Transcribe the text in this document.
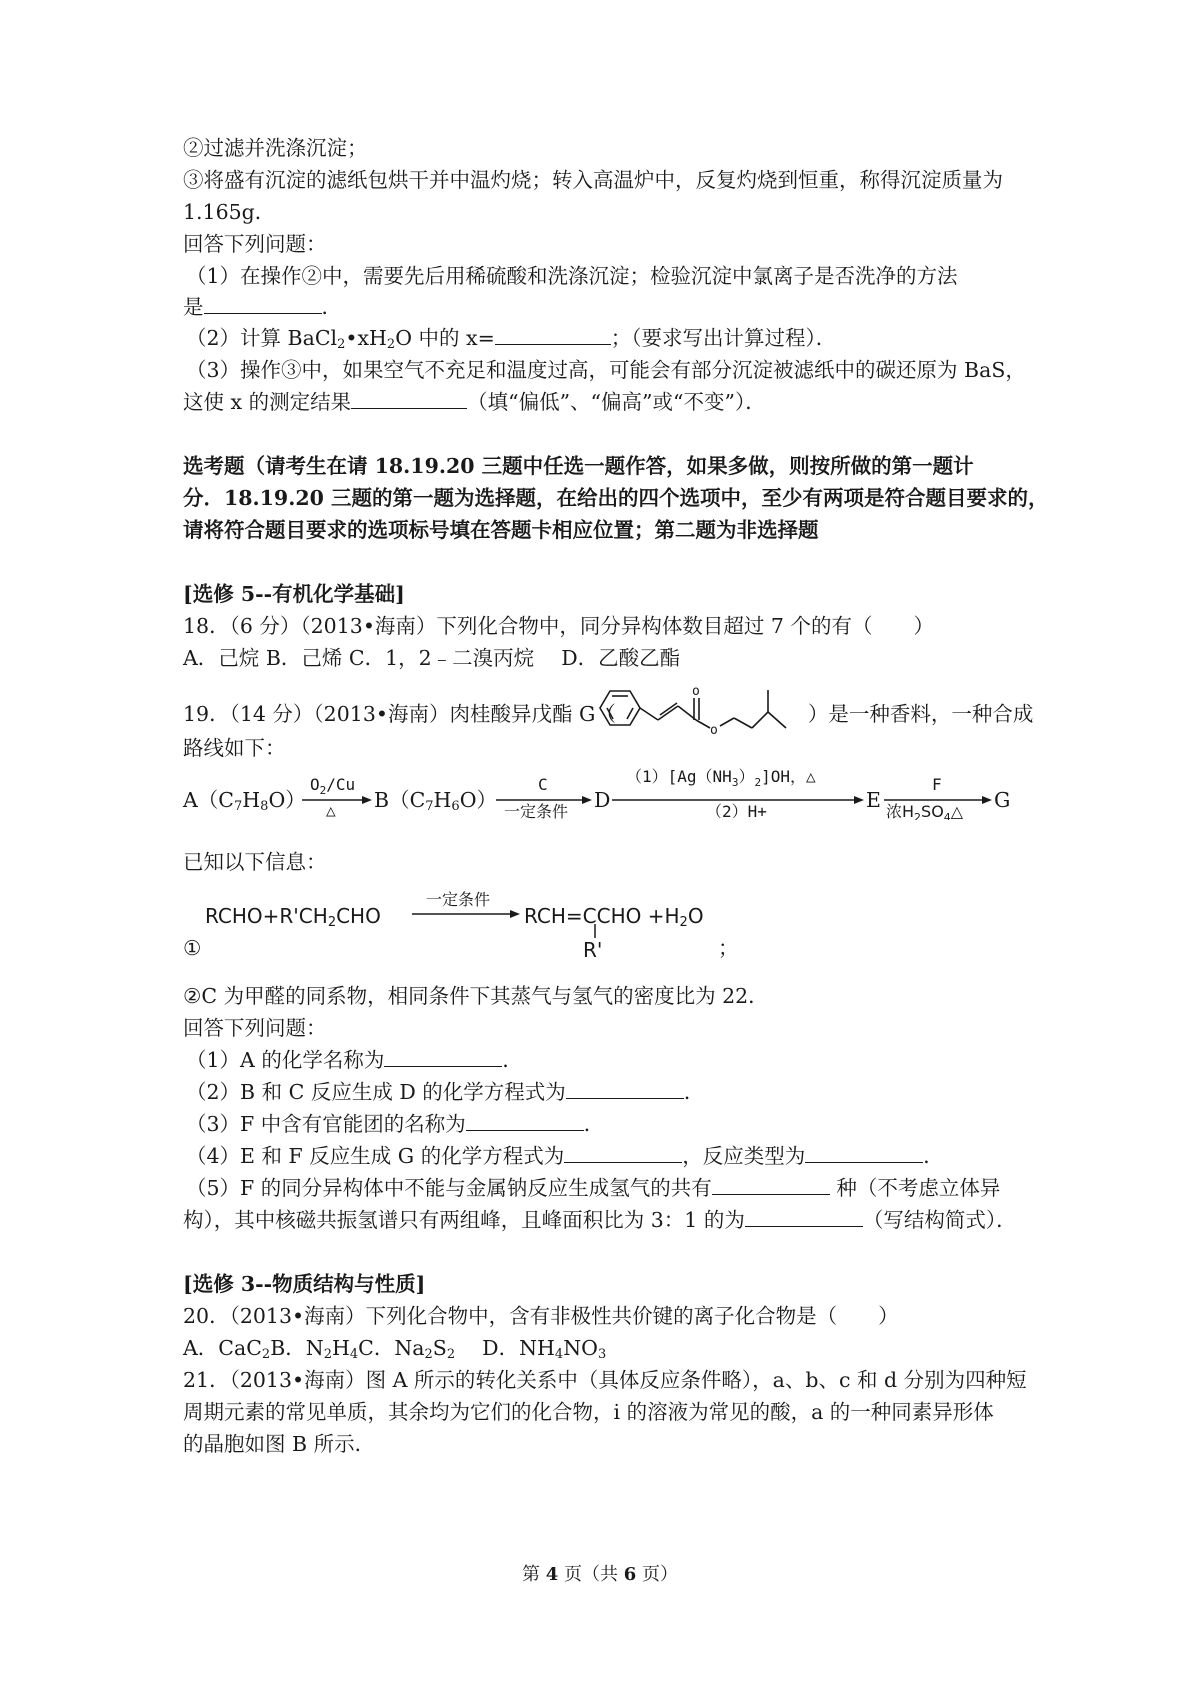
②过滤并洗涤沉淀；
③将盛有沉淀的滤纸包烘干并中温灼烧；转入高温炉中，反复灼烧到恒重，称得沉淀质量为
1.165g．
回答下列问题：
（1）在操作②中，需要先后用稀硫酸和洗涤沉淀；检验沉淀中氯离子是否洗净的方法
是	．
（2）计算 $BaCl_2•xH_2O$ 中的 x=	；（要求写出计算过程）．
（3）操作③中，如果空气不充足和温度过高，可能会有部分沉淀被滤纸中的碳还原为 BaS，
这使 x 的测定结果	（填“偏低”、“偏高”或“不变”）．
选考题（请考生在请 18.19.20 三题中任选一题作答，如果多做，则按所做的第一题计
分．18.19.20 三题的第一题为选择题，在给出的四个选项中，至少有两项是符合题目要求的，
请将符合题目要求的选项标号填在答题卡相应位置；第二题为非选择题
[选修 5--有机化学基础]
18．（6 分）（2013•海南）下列化合物中，同分异构体数目超过 7 个的有（　　）
A．己烷 B．己烯 C．1，2﹣二溴丙烷　 D．乙酸乙酯
19．（14 分）（2013•海南）肉桂酸异戊酯 G（	）是一种香料，一种合成
o
o
路线如下：
$A(C_7H_8O)$
$O_2/Cu$
△ $B(C_7H_6O)$
C
一定条件 D
$(1)[Ag(NH_3)_2]OH$，△
（2）H+	E
F
浓$H_2SO_4\triangle$ G
已知以下信息：
$RCHO+R'CH_2CHO$
一定条件
RCH=CCHO $+H_2O$
R'
①	；
②C 为甲醛的同系物，相同条件下其蒸气与氢气的密度比为 22．
回答下列问题：
（1）A 的化学名称为	．
（2）B 和 C 反应生成 D 的化学方程式为	．
（3）F 中含有官能团的名称为	．
（4）E 和 F 反应生成 G 的化学方程式为	，反应类型为	．
（5）F 的同分异构体中不能与金属钠反应生成氢气的共有	种（不考虑立体异
构），其中核磁共振氢谱只有两组峰，且峰面积比为 3：1 的为	（写结构简式）．
[选修 3--物质结构与性质]
20．（2013•海南）下列化合物中，含有非极性共价键的离子化合物是（　　）
A．CaC$_2$B．$N_2H_4C$．$Na_2S_2$　 D．$NH_4NO_3$
21．（2013•海南）图 A 所示的转化关系中（具体反应条件略），a、b、c 和 d 分别为四种短
周期元素的常见单质，其余均为它们的化合物，i 的溶液为常见的酸，a 的一种同素异形体
的晶胞如图 B 所示．
第 4 页（共 6 页）
